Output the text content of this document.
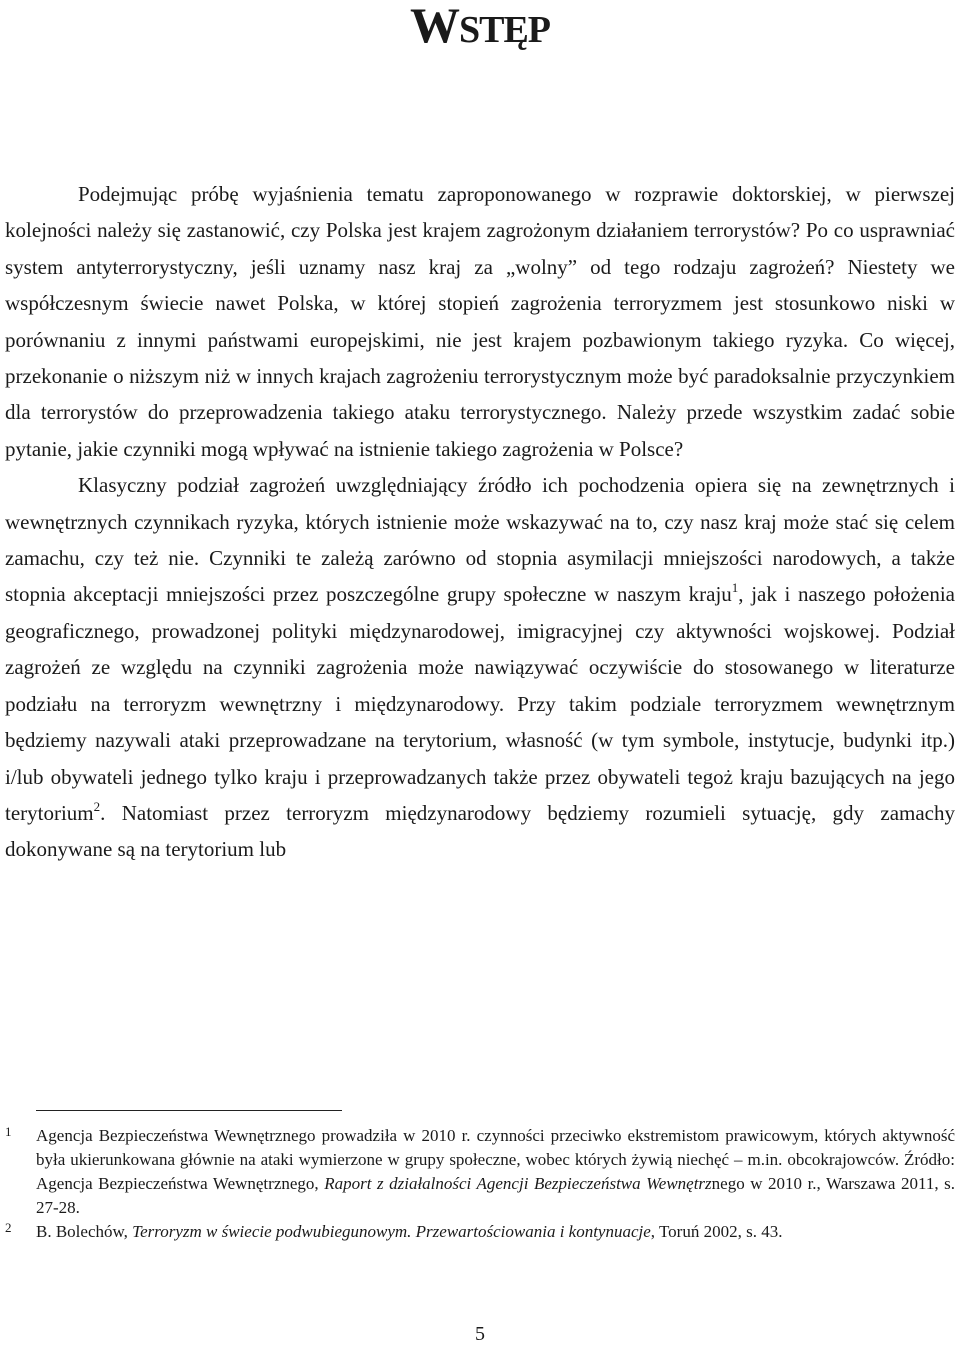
WSTĘP

Podejmując próbę wyjaśnienia tematu zaproponowanego w rozprawie doktorskiej, w pierwszej kolejności należy się zastanowić, czy Polska jest krajem zagrożonym działaniem terrorystów? Po co usprawniać system antyterrorystyczny, jeśli uznamy nasz kraj za „wolny” od tego rodzaju zagrożeń? Niestety we współczesnym świecie nawet Polska, w której stopień zagrożenia terroryzmem jest stosunkowo niski w porównaniu z innymi państwami europejskimi, nie jest krajem pozbawionym takiego ryzyka. Co więcej, przekonanie o niższym niż w innych krajach zagrożeniu terrorystycznym może być paradoksalnie przyczynkiem dla terrorystów do przeprowadzenia takiego ataku terrorystycznego. Należy przede wszystkim zadać sobie pytanie, jakie czynniki mogą wpływać na istnienie takiego zagrożenia w Polsce?

Klasyczny podział zagrożeń uwzględniający źródło ich pochodzenia opiera się na zewnętrznych i wewnętrznych czynnikach ryzyka, których istnienie może wskazywać na to, czy nasz kraj może stać się celem zamachu, czy też nie. Czynniki te zależą zarówno od stopnia asymilacji mniejszości narodowych, a także stopnia akceptacji mniejszości przez poszczególne grupy społeczne w naszym kraju$^1$, jak i naszego położenia geograficznego, prowadzonej polityki międzynarodowej, imigracyjnej czy aktywności wojskowej. Podział zagrożeń ze względu na czynniki zagrożenia może nawiązywać oczywiście do stosowanego w literaturze podziału na terroryzm wewnętrzny i międzynarodowy. Przy takim podziale terroryzmem wewnętrznym będziemy nazywali ataki przeprowadzane na terytorium, własność (w tym symbole, instytucje, budynki itp.) i/lub obywateli jednego tylko kraju i przeprowadzanych także przez obywateli tegoż kraju bazujących na jego terytorium$^2$. Natomiast przez terroryzm międzynarodowy będziemy rozumieli sytuację, gdy zamachy dokonywane są na terytorium lub

1 Agencja Bezpieczeństwa Wewnętrznego prowadziła w 2010 r. czynności przeciwko ekstremistom prawicowym, których aktywność była ukierunkowana głównie na ataki wymierzone w grupy społeczne, wobec których żywią niechęć – m.in. obcokrajowców. Źródło: Agencja Bezpieczeństwa Wewnętrznego, Raport z działalności Agencji Bezpieczeństwa Wewnętrznego w 2010 r., Warszawa 2011, s. 27-28.

2 B. Bolechów, Terroryzm w świecie podwubiegunowym. Przewartościowania i kontynuacje, Toruń 2002, s. 43.

5
